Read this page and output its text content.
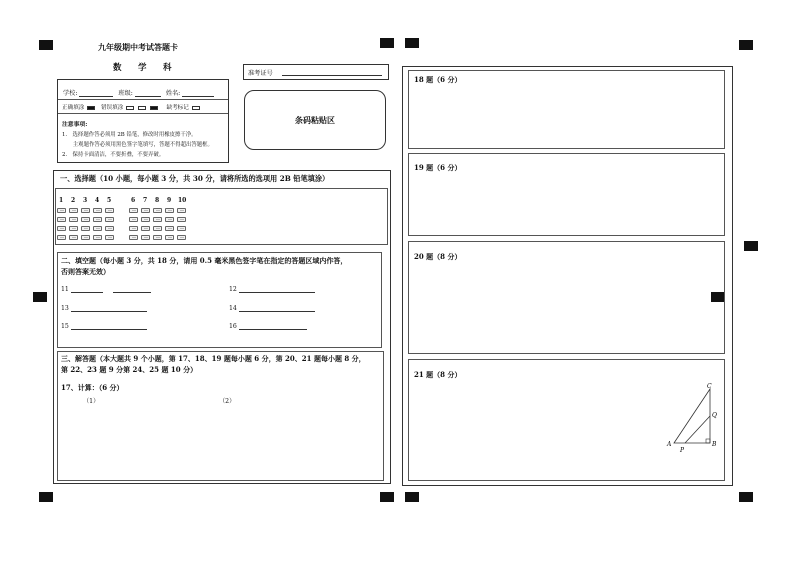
九年级期中考试答题卡
数　学　科
学校:	班级:	姓名:
正确填涂	错误填涂	缺考标记
注意事项:
1.　选择题作答必须用 2B 铅笔，修改时用橡皮擦干净。
　　主观题作答必须用黑色签字笔填写，答题不得超出答题框。
2.　保持卡面清洁，不要折叠，不要弄破。
准考证号
条码粘贴区
一、选择题（10 小题，每小题 3 分，共 30 分，请将所选的选项用 2B 铅笔填涂）
1 2 3 4 5	6 7 8 9 10
二、填空题（每小题 3 分，共 18 分，请用 0.5 毫米黑色签字笔在指定的答题区域内作答，
否则答案无效）
11	12
13	14
15	16
三、解答题（本大题共 9 个小题，第 17、18、19 题每小题 6 分，第 20、21 题每小题 8 分，
第 22、23 题 9 分第 24、25 题 10 分）
17、计算：（6 分）
（1）	（2）
18 题（6 分）
19 题（6 分）
20 题（8 分）
21 题（8 分）
A	B
C
P
Q
